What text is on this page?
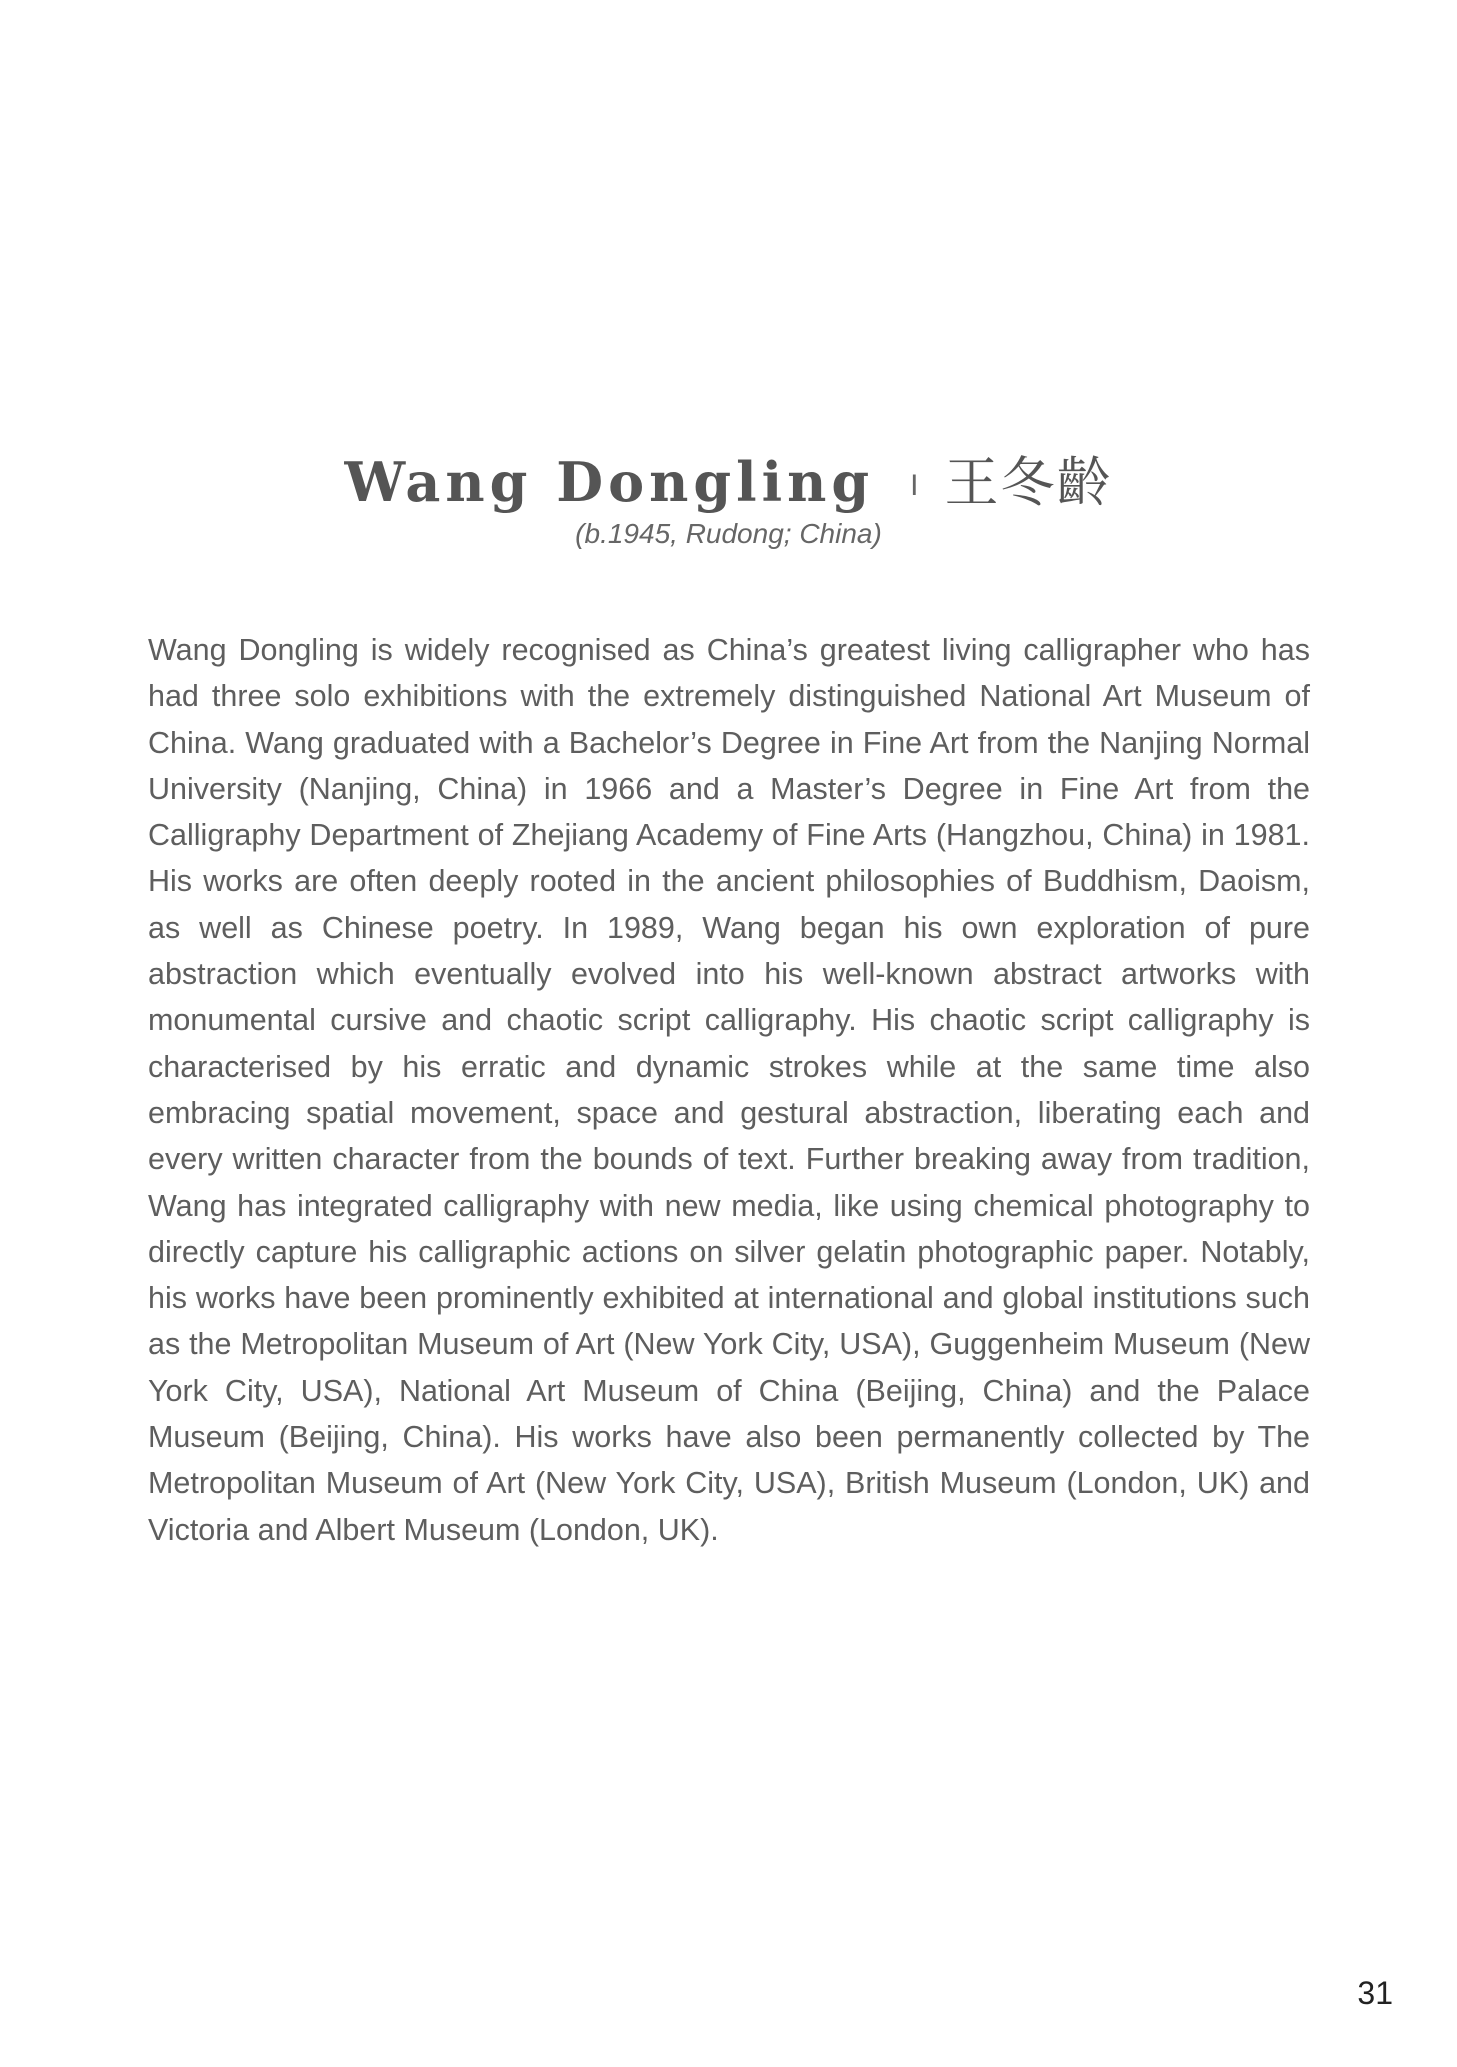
Wang Dongling I 王冬齡
(b.1945, Rudong; China)

Wang Dongling is widely recognised as China’s greatest living calligrapher who has had three solo exhibitions with the extremely distinguished National Art Museum of China. Wang graduated with a Bachelor’s Degree in Fine Art from the Nanjing Normal University (Nanjing, China) in 1966 and a Master’s Degree in Fine Art from the Calligraphy Department of Zhejiang Academy of Fine Arts (Hangzhou, China) in 1981. His works are often deeply rooted in the ancient philosophies of Buddhism, Daoism, as well as Chinese poetry. In 1989, Wang began his own exploration of pure abstraction which eventually evolved into his well-known abstract artworks with monumental cursive and chaotic script calligraphy. His chaotic script calligraphy is characterised by his erratic and dynamic strokes while at the same time also embracing spatial movement, space and gestural abstraction, liberating each and every written character from the bounds of text. Further breaking away from tradition, Wang has integrated calligraphy with new media, like using chemical photography to directly capture his calligraphic actions on silver gelatin photographic paper. Notably, his works have been prominently exhibited at international and global institutions such as the Metropolitan Museum of Art (New York City, USA), Guggenheim Museum (New York City, USA), National Art Museum of China (Beijing, China) and the Palace Museum (Beijing, China). His works have also been permanently collected by The Metropolitan Museum of Art (New York City, USA), British Museum (London, UK) and Victoria and Albert Museum (London, UK).

31
